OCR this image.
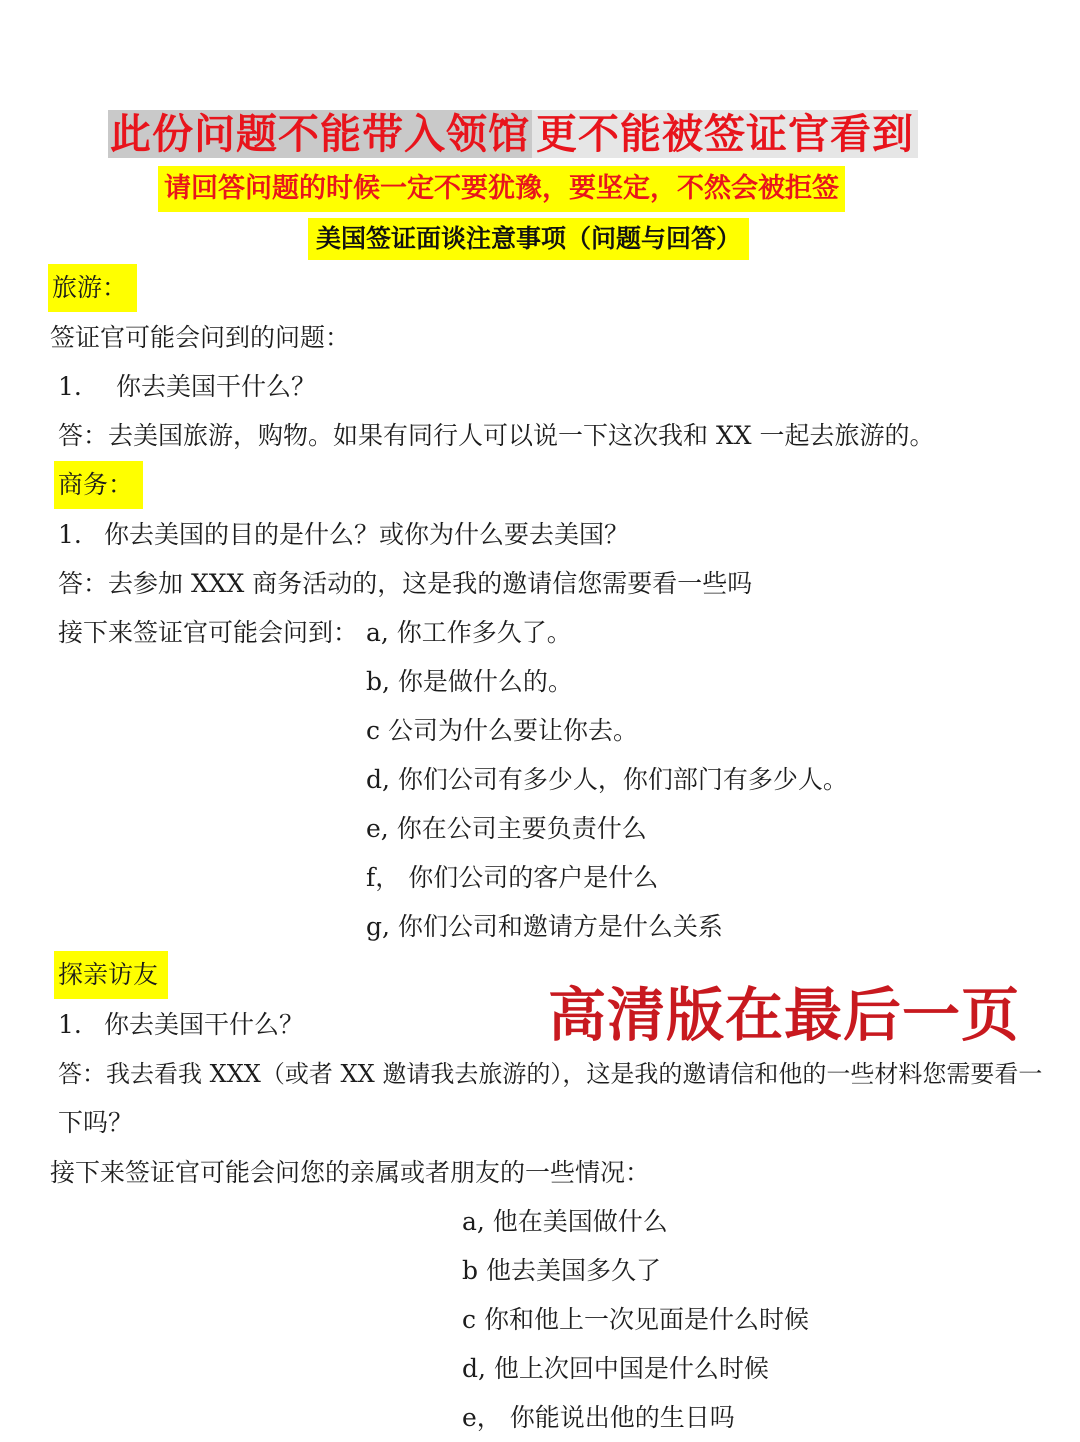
此份问题不能带入领馆 更不能被签证官看到
请回答问题的时候一定不要犹豫，要坚定，不然会被拒签
美国签证面谈注意事项（问题与回答）
旅游：
签证官可能会问到的问题：
1. 你去美国干什么？
答：去美国旅游，购物。如果有同行人可以说一下这次我和 XX 一起去旅游的。
商务：
1. 你去美国的目的是什么？或你为什么要去美国？
答：去参加 XXX 商务活动的，这是我的邀请信您需要看一些吗
接下来签证官可能会问到： a, 你工作多久了。
b, 你是做什么的。
c 公司为什么要让你去。
d, 你们公司有多少人，你们部门有多少人。
e, 你在公司主要负责什么
f， 你们公司的客户是什么
g, 你们公司和邀请方是什么关系
探亲访友
1. 你去美国干什么？
答：我去看我 XXX（或者 XX 邀请我去旅游的），这是我的邀请信和他的一些材料您需要看一
下吗？
接下来签证官可能会问您的亲属或者朋友的一些情况：
a, 他在美国做什么
b 他去美国多久了
c 你和他上一次见面是什么时候
d, 他上次回中国是什么时候
e， 你能说出他的生日吗
高清版在最后一页
